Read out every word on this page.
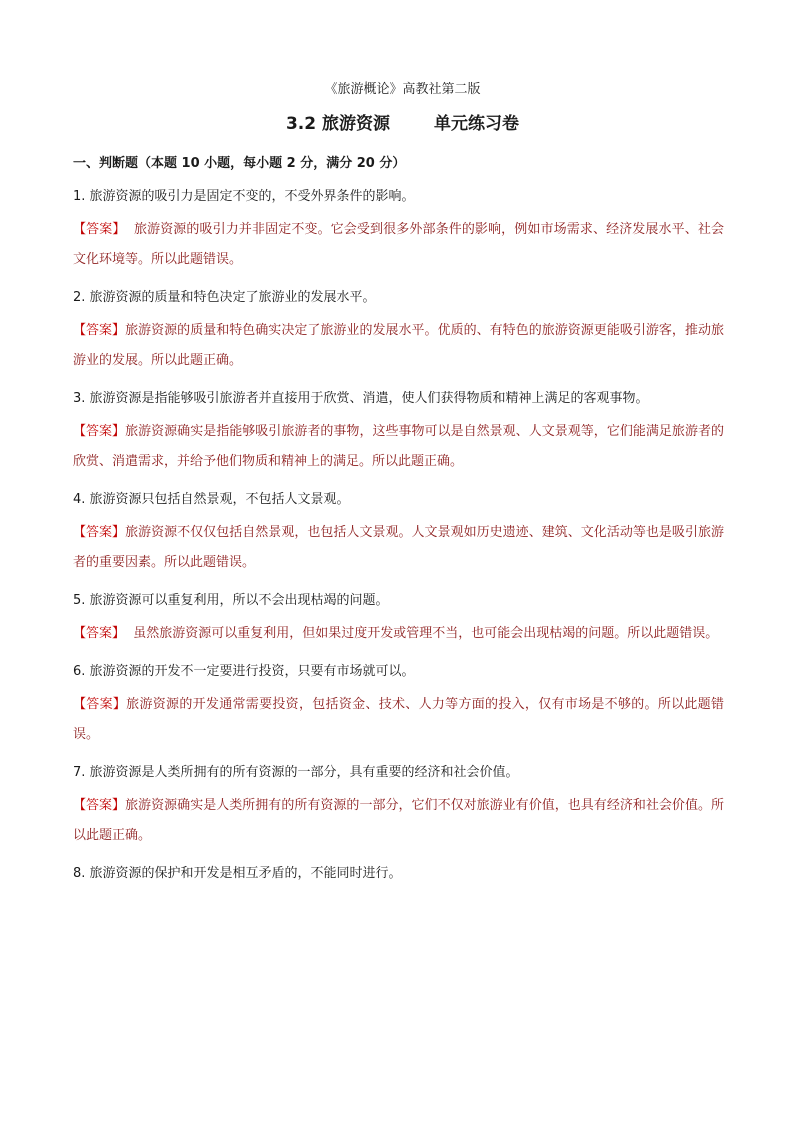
《旅游概论》高教社第二版

3.2 旅游资源	单元练习卷

一、判断题（本题 10 小题，每小题 2 分，满分 20 分）

1. 旅游资源的吸引力是固定不变的，不受外界条件的影响。

【答案】  旅游资源的吸引力并非固定不变。它会受到很多外部条件的影响，例如市场需求、经济发展水平、社会文化环境等。所以此题错误。

2. 旅游资源的质量和特色决定了旅游业的发展水平。

【答案】旅游资源的质量和特色确实决定了旅游业的发展水平。优质的、有特色的旅游资源更能吸引游客，推动旅游业的发展。所以此题正确。

3. 旅游资源是指能够吸引旅游者并直接用于欣赏、消遣，使人们获得物质和精神上满足的客观事物。

【答案】旅游资源确实是指能够吸引旅游者的事物，这些事物可以是自然景观、人文景观等，它们能满足旅游者的欣赏、消遣需求，并给予他们物质和精神上的满足。所以此题正确。

4. 旅游资源只包括自然景观，不包括人文景观。

【答案】旅游资源不仅仅包括自然景观，也包括人文景观。人文景观如历史遗迹、建筑、文化活动等也是吸引旅游者的重要因素。所以此题错误。

5. 旅游资源可以重复利用，所以不会出现枯竭的问题。

【答案】  虽然旅游资源可以重复利用，但如果过度开发或管理不当，也可能会出现枯竭的问题。所以此题错误。

6. 旅游资源的开发不一定要进行投资，只要有市场就可以。

【答案】旅游资源的开发通常需要投资，包括资金、技术、人力等方面的投入，仅有市场是不够的。所以此题错误。

7. 旅游资源是人类所拥有的所有资源的一部分，具有重要的经济和社会价值。

【答案】旅游资源确实是人类所拥有的所有资源的一部分，它们不仅对旅游业有价值，也具有经济和社会价值。所以此题正确。

8. 旅游资源的保护和开发是相互矛盾的，不能同时进行。
